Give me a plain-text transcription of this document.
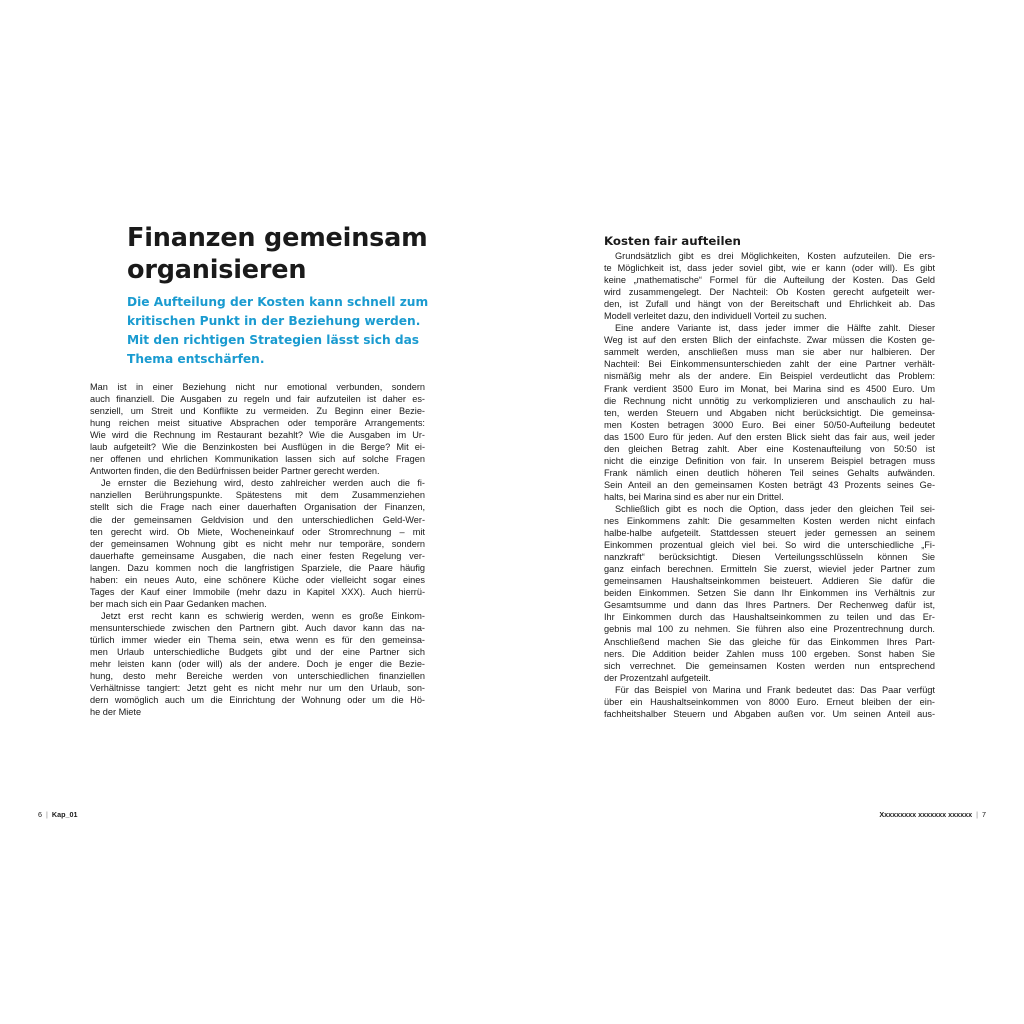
Finanzen gemeinsam
organisieren
Die Aufteilung der Kosten kann schnell zum
kritischen Punkt in der Beziehung werden.
Mit den richtigen Strategien lässt sich das
Thema entschärfen.
Man ist in einer Beziehung nicht nur emotional verbunden, sondern
auch finanziell. Die Ausgaben zu regeln und fair aufzuteilen ist daher es-
senziell, um Streit und Konflikte zu vermeiden. Zu Beginn einer Bezie-
hung reichen meist situative Absprachen oder temporäre Arrangements:
Wie wird die Rechnung im Restaurant bezahlt? Wie die Ausgaben im Ur-
laub aufgeteilt? Wie die Benzinkosten bei Ausflügen in die Berge? Mit ei-
ner offenen und ehrlichen Kommunikation lassen sich auf solche Fragen
Antworten finden, die den Bedürfnissen beider Partner gerecht werden.
Je ernster die Beziehung wird, desto zahlreicher werden auch die fi-
nanziellen Berührungspunkte. Spätestens mit dem Zusammenziehen
stellt sich die Frage nach einer dauerhaften Organisation der Finanzen,
die der gemeinsamen Geldvision und den unterschiedlichen Geld-Wer-
ten gerecht wird. Ob Miete, Wocheneinkauf oder Stromrechnung – mit
der gemeinsamen Wohnung gibt es nicht mehr nur temporäre, sondern
dauerhafte gemeinsame Ausgaben, die nach einer festen Regelung ver-
langen. Dazu kommen noch die langfristigen Sparziele, die Paare häufig
haben: ein neues Auto, eine schönere Küche oder vielleicht sogar eines
Tages der Kauf einer Immobile (mehr dazu in Kapitel XXX). Auch hierrü-
ber mach sich ein Paar Gedanken machen.
Jetzt erst recht kann es schwierig werden, wenn es große Einkom-
mensunterschiede zwischen den Partnern gibt. Auch davor kann das na-
türlich immer wieder ein Thema sein, etwa wenn es für den gemeinsa-
men Urlaub unterschiedliche Budgets gibt und der eine Partner sich
mehr leisten kann (oder will) als der andere. Doch je enger die Bezie-
hung, desto mehr Bereiche werden von unterschiedlichen finanziellen
Verhältnisse tangiert: Jetzt geht es nicht mehr nur um den Urlaub, son-
dern womöglich auch um die Einrichtung der Wohnung oder um die Hö-
he der Miete
6 | Kap_01
Kosten fair aufteilen
Grundsätzlich gibt es drei Möglichkeiten, Kosten aufzuteilen. Die ers-
te Möglichkeit ist, dass jeder soviel gibt, wie er kann (oder will). Es gibt
keine „mathematische“ Formel für die Aufteilung der Kosten. Das Geld
wird zusammengelegt. Der Nachteil: Ob Kosten gerecht aufgeteilt wer-
den, ist Zufall und hängt von der Bereitschaft und Ehrlichkeit ab. Das
Modell verleitet dazu, den individuell Vorteil zu suchen.
Eine andere Variante ist, dass jeder immer die Hälfte zahlt. Dieser
Weg ist auf den ersten Blich der einfachste. Zwar müssen die Kosten ge-
sammelt werden, anschließen muss man sie aber nur halbieren. Der
Nachteil: Bei Einkommensunterschieden zahlt der eine Partner verhält-
nismäßig mehr als der andere. Ein Beispiel verdeutlicht das Problem:
Frank verdient 3500 Euro im Monat, bei Marina sind es 4500 Euro. Um
die Rechnung nicht unnötig zu verkomplizieren und anschaulich zu hal-
ten, werden Steuern und Abgaben nicht berücksichtigt. Die gemeinsa-
men Kosten betragen 3000 Euro. Bei einer 50/50-Aufteilung bedeutet
das 1500 Euro für jeden. Auf den ersten Blick sieht das fair aus, weil jeder
den gleichen Betrag zahlt. Aber eine Kostenaufteilung von 50:50 ist
nicht die einzige Definition von fair. In unserem Beispiel betragen muss
Frank nämlich einen deutlich höheren Teil seines Gehalts aufwänden.
Sein Anteil an den gemeinsamen Kosten beträgt 43 Prozents seines Ge-
halts, bei Marina sind es aber nur ein Drittel.
Schließlich gibt es noch die Option, dass jeder den gleichen Teil sei-
nes Einkommens zahlt: Die gesammelten Kosten werden nicht einfach
halbe-halbe aufgeteilt. Stattdessen steuert jeder gemessen an seinem
Einkommen prozentual gleich viel bei. So wird die unterschiedliche „Fi-
nanzkraft“ berücksichtigt. Diesen Verteilungsschlüsseln können Sie
ganz einfach berechnen. Ermitteln Sie zuerst, wieviel jeder Partner zum
gemeinsamen Haushaltseinkommen beisteuert. Addieren Sie dafür die
beiden Einkommen. Setzen Sie dann Ihr Einkommen ins Verhältnis zur
Gesamtsumme und dann das Ihres Partners. Der Rechenweg dafür ist,
Ihr Einkommen durch das Haushaltseinkommen zu teilen und das Er-
gebnis mal 100 zu nehmen. Sie führen also eine Prozentrechnung durch.
Anschließend machen Sie das gleiche für das Einkommen Ihres Part-
ners. Die Addition beider Zahlen muss 100 ergeben. Sonst haben Sie
sich verrechnet. Die gemeinsamen Kosten werden nun entsprechend
der Prozentzahl aufgeteilt.
Für das Beispiel von Marina und Frank bedeutet das: Das Paar verfügt
über ein Haushaltseinkommen von 8000 Euro. Erneut bleiben der ein-
fachheitshalber Steuern und Abgaben außen vor. Um seinen Anteil aus-
Xxxxxxxxx xxxxxxx xxxxxx | 7
